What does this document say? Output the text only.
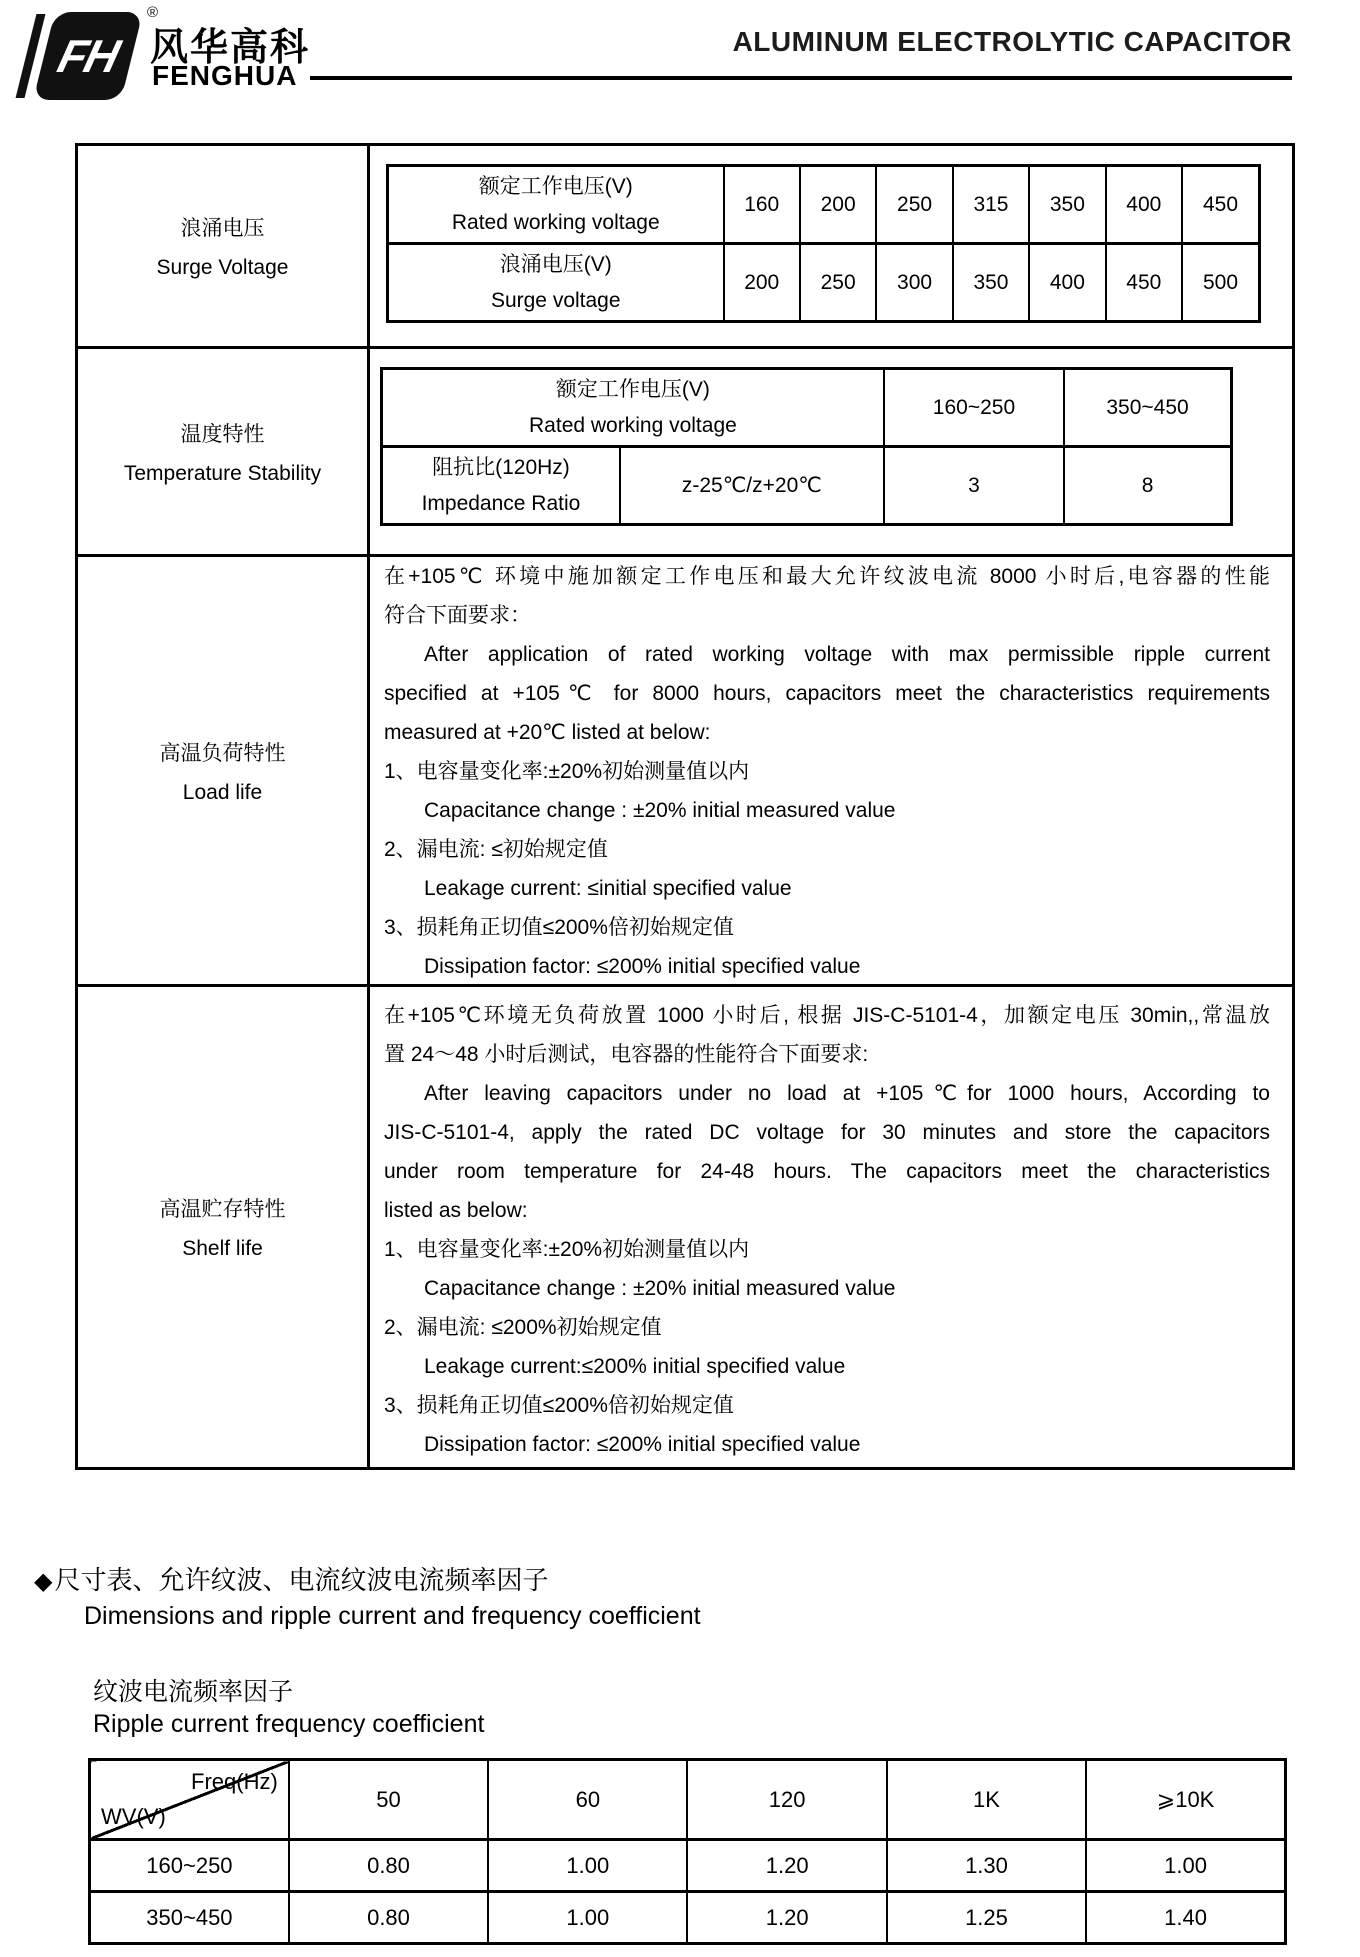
FH
®
风华高科
FENGHUA
ALUMINUM ELECTROLYTIC CAPACITOR
浪涌电压
Surge Voltage
额定工作电压(V)
Rated working voltage	160	200	250	315	350	400	450

浪涌电压(V)
Surge voltage	200	250	300	350	400	450	500
温度特性
Temperature Stability
额定工作电压(V)
Rated working voltage		160~250	350~450

阻抗比(120Hz)
Impedance Ratio	z-25℃/z+20℃	3	8
高温负荷特性
Load life
在+105℃ 环境中施加额定工作电压和最大允许纹波电流 8000 小时后,电容器的性能
符合下面要求：
After application of rated working voltage with max permissible ripple current
specified at +105℃ for 8000 hours, capacitors meet the characteristics requirements
measured at +20℃ listed at below:
1、电容量变化率:±20%初始测量值以内
Capacitance change : ±20% initial measured value
2、漏电流: ≤初始规定值
Leakage current: ≤initial specified value
3、损耗角正切值≤200%倍初始规定值
Dissipation factor: ≤200% initial specified value
高温贮存特性
Shelf life
在+105℃环境无负荷放置 1000 小时后, 根据 JIS-C-5101-4，加额定电压 30min,,常温放
置 24～48 小时后测试，电容器的性能符合下面要求:
After leaving capacitors under no load at +105℃for 1000 hours, According to
JIS-C-5101-4, apply the rated DC voltage for 30 minutes and store the capacitors
under room temperature for 24-48 hours. The capacitors meet the characteristics
listed as below:
1、电容量变化率:±20%初始测量值以内
Capacitance change : ±20% initial measured value
2、漏电流: ≤200%初始规定值
Leakage current:≤200% initial specified value
3、损耗角正切值≤200%倍初始规定值
Dissipation factor: ≤200% initial specified value
◆尺寸表、允许纹波、电流纹波电流频率因子
Dimensions and ripple current and frequency coefficient
纹波电流频率因子
Ripple current frequency coefficient
Freq(Hz)
WV(V)	50	60	120	1K	⩾10K
160~250	0.80	1.00	1.20	1.30	1.00
350~450	0.80	1.00	1.20	1.25	1.40
